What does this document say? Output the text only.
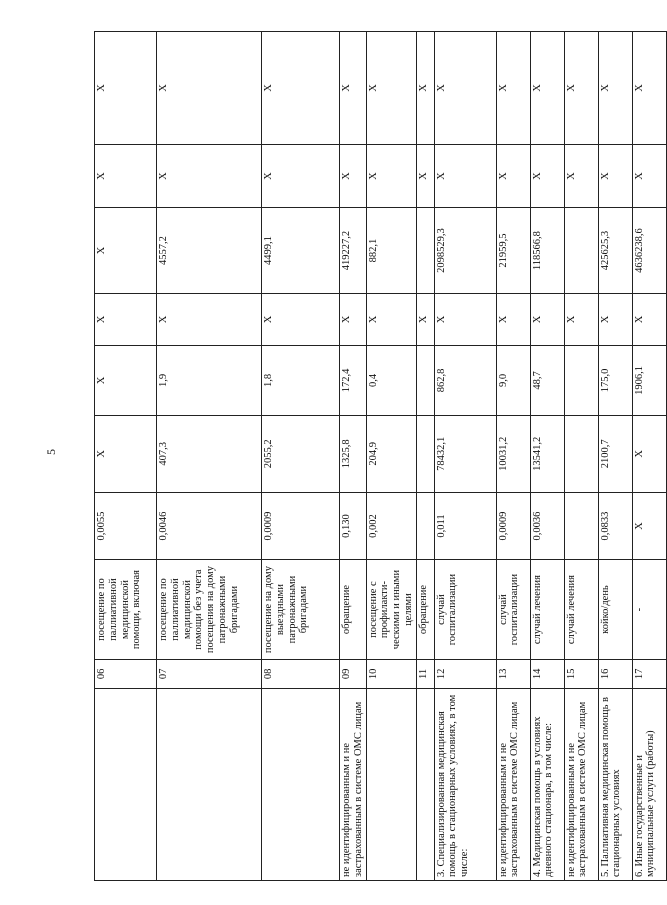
5
	06	посещение по паллиативной медицинской помощи, включая	0,0055	X	X	X	X	X	X
	07	посещение по паллиативной медицинской помощи без учета посещения на дому патронажными бригадами	0,0046	407,3	1,9	X	4557,2	X	X
	08	посещение на дому выездными патронажными бригадами	0,0009	2055,2	1,8	X	4499,1	X	X
не идентифицированным и не застрахованным в системе ОМС лицам	09	обращение	0,130	1325,8	172,4	X	419227,2	X	X
	10	посещение с профилакти-ческими и иными целями	0,002	204,9	0,4	X	882,1	X	X
	11	обращение				X		X	X
3. Специализированная медицинская помощь в стационарных условиях, в том числе:	12	случай госпитализации	0,011	78432,1	862,8	X	2098529,3	X	X
не идентифицированным и не застрахованным в системе ОМС лицам	13	случай госпитализации	0,0009	10031,2	9,0	X	21959,5	X	X
4. Медицинская помощь в условиях дневного стационара, в том числе:	14	случай лечения	0,0036	13541,2	48,7	X	118566,8	X	X
не идентифицированным и не застрахованным в системе ОМС лицам	15	случай лечения				X		X	X
5. Паллиативная медицинская помощь в стационарных условиях	16	койко/день	0,0833	2100,7	175,0	X	425625,3	X	X
6. Иные государственные и муниципальные услуги (работы)	17	-	X	X	1906,1	X	4636238,6	X	X
